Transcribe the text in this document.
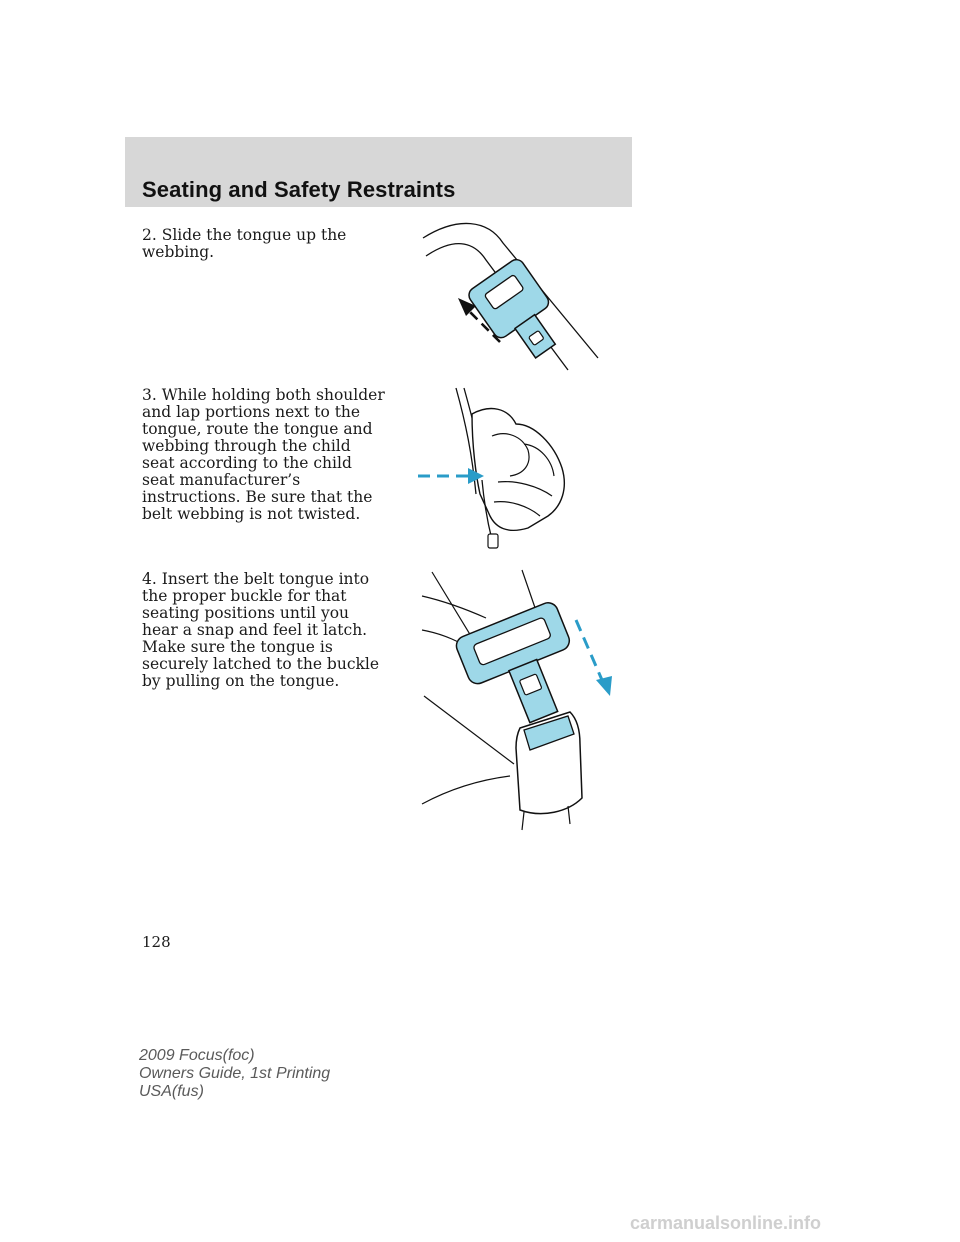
Seating and Safety Restraints

2. Slide the tongue up the webbing.

3. While holding both shoulder and lap portions next to the tongue, route the tongue and webbing through the child seat according to the child seat manufacturer’s instructions. Be sure that the belt webbing is not twisted.

4. Insert the belt tongue into the proper buckle for that seating positions until you hear a snap and feel it latch. Make sure the tongue is securely latched to the buckle by pulling on the tongue.

128
2009 Focus(foc)
Owners Guide, 1st Printing
USA(fus)
carmanualsonline.info
